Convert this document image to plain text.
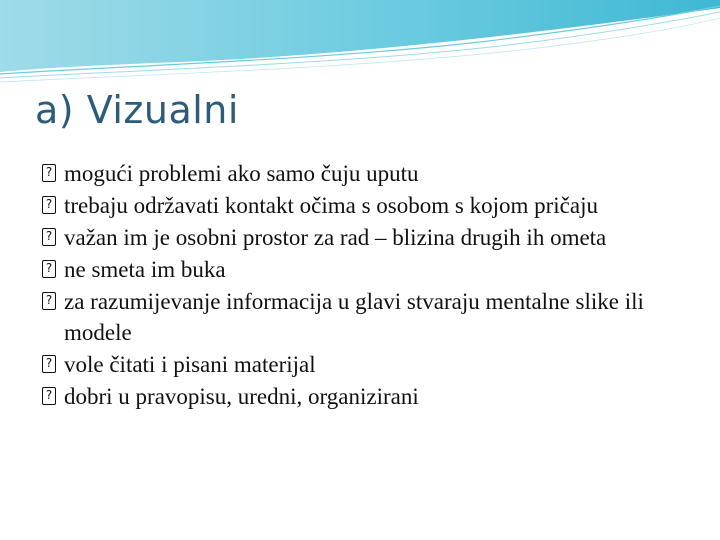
a) Vizualni
? mogući problemi ako samo čuju uputu
? trebaju održavati kontakt očima s osobom s kojom pričaju
? važan im je osobni prostor za rad – blizina drugih ih ometa
? ne smeta im buka
? za razumijevanje informacija u glavi stvaraju mentalne slike ili modele
? vole čitati i pisani materijal
? dobri u pravopisu, uredni, organizirani
